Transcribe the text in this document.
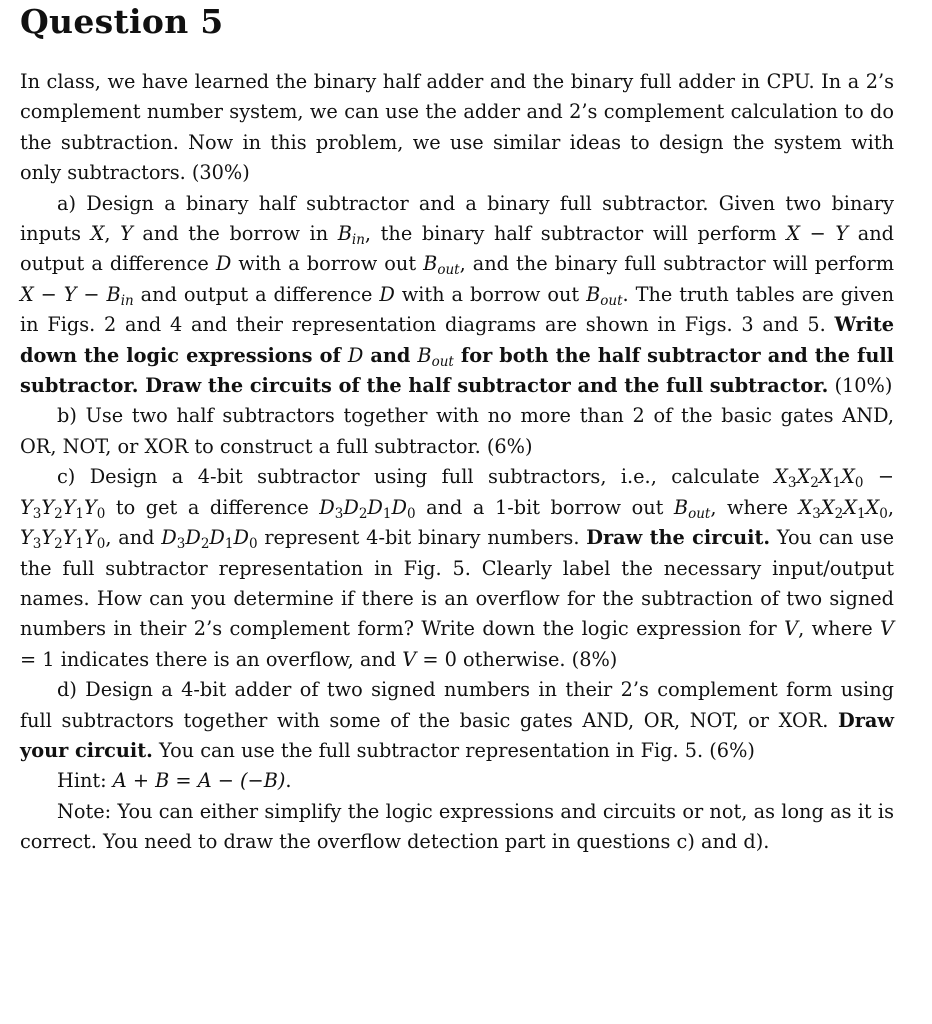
Question 5

In class, we have learned the binary half adder and the binary full adder in CPU. In a 2’s complement number system, we can use the adder and 2’s complement calculation to do the subtraction. Now in this problem, we use similar ideas to design the system with only subtractors. (30%)

a) Design a binary half subtractor and a binary full subtractor. Given two binary inputs X, Y and the borrow in $B_{in}$, the binary half subtractor will perform X − Y and output a difference D with a borrow out $B_{out}$, and the binary full subtractor will perform $X - Y - B_{in}$ and output a difference D with a borrow out $B_{out}$. The truth tables are given in Figs. 2 and 4 and their representation diagrams are shown in Figs. 3 and 5. Write down the logic expressions of D and $B_{out}$ for both the half subtractor and the full subtractor. Draw the circuits of the half subtractor and the full subtractor. (10%)

b) Use two half subtractors together with no more than 2 of the basic gates AND, OR, NOT, or XOR to construct a full subtractor. (6%)

c) Design a 4-bit subtractor using full subtractors, i.e., calculate $X_3X_2X_1X_0 - Y_3Y_2Y_1Y_0$ to get a difference $D_3D_2D_1D_0$ and a 1-bit borrow out $B_{out}$, where $X_3X_2X_1X_0$, $Y_3Y_2Y_1Y_0$, and $D_3D_2D_1D_0$ represent 4-bit binary numbers. Draw the circuit. You can use the full subtractor representation in Fig. 5. Clearly label the necessary input/output names. How can you determine if there is an overflow for the subtraction of two signed numbers in their 2’s complement form? Write down the logic expression for V, where V = 1 indicates there is an overflow, and V = 0 otherwise. (8%)

d) Design a 4-bit adder of two signed numbers in their 2’s complement form using full subtractors together with some of the basic gates AND, OR, NOT, or XOR. Draw your circuit. You can use the full subtractor representation in Fig. 5. (6%)

Hint: A + B = A − (−B).

Note: You can either simplify the logic expressions and circuits or not, as long as it is correct. You need to draw the overflow detection part in questions c) and d).
